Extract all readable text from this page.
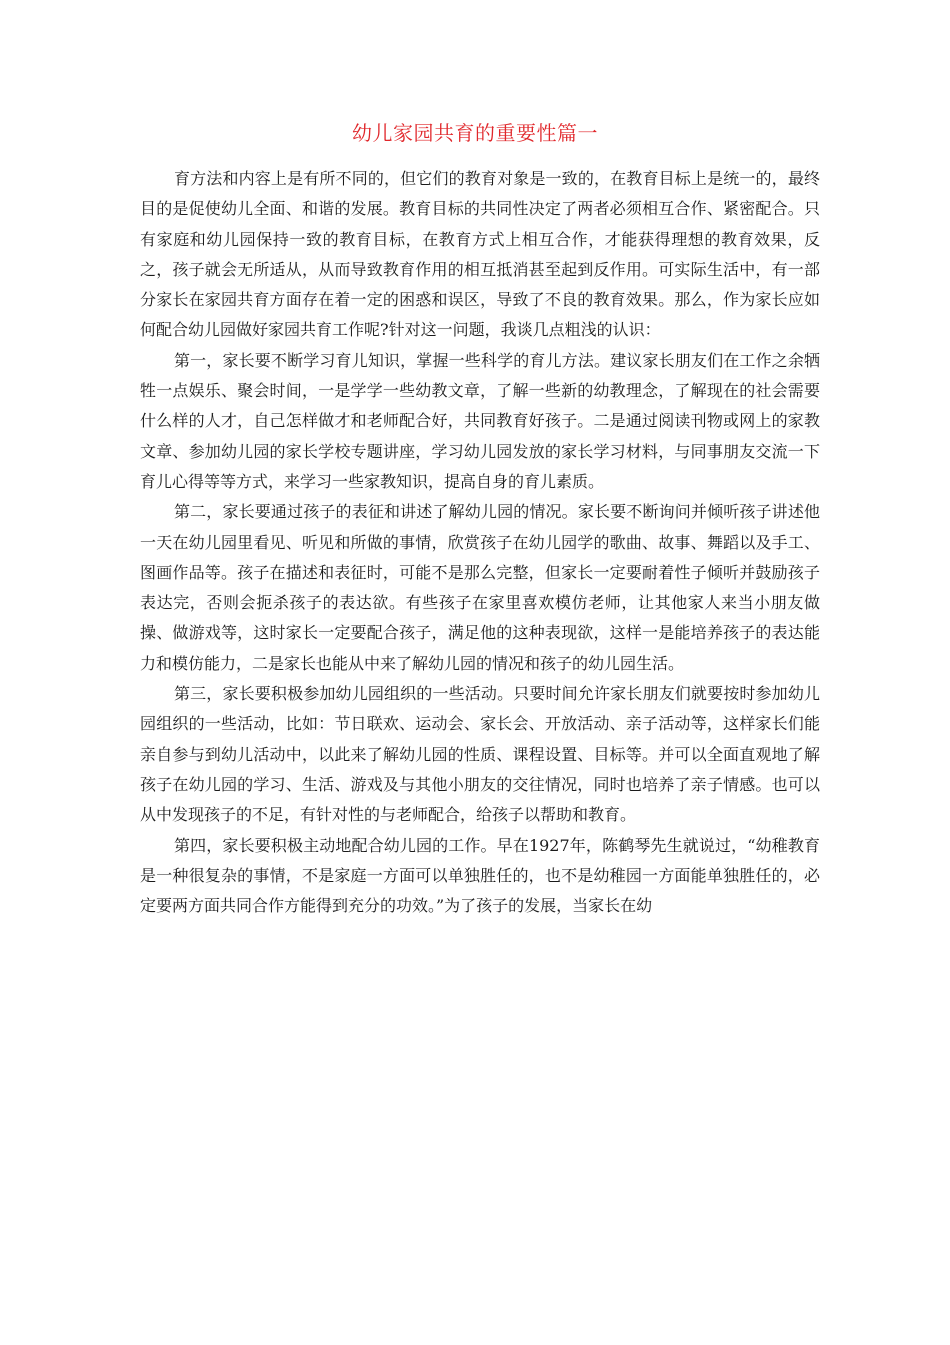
幼儿家园共育的重要性篇一

育方法和内容上是有所不同的，但它们的教育对象是一致的，在教育目标上是统一的，最终目的是促使幼儿全面、和谐的发展。教育目标的共同性决定了两者必须相互合作、紧密配合。只有家庭和幼儿园保持一致的教育目标，在教育方式上相互合作，才能获得理想的教育效果，反之，孩子就会无所适从，从而导致教育作用的相互抵消甚至起到反作用。可实际生活中，有一部分家长在家园共育方面存在着一定的困惑和误区，导致了不良的教育效果。那么，作为家长应如何配合幼儿园做好家园共育工作呢?针对这一问题，我谈几点粗浅的认识：

第一，家长要不断学习育儿知识，掌握一些科学的育儿方法。建议家长朋友们在工作之余牺牲一点娱乐、聚会时间，一是学学一些幼教文章，了解一些新的幼教理念，了解现在的社会需要什么样的人才，自己怎样做才和老师配合好，共同教育好孩子。二是通过阅读刊物或网上的家教文章、参加幼儿园的家长学校专题讲座，学习幼儿园发放的家长学习材料，与同事朋友交流一下育儿心得等等方式，来学习一些家教知识，提高自身的育儿素质。

第二，家长要通过孩子的表征和讲述了解幼儿园的情况。家长要不断询问并倾听孩子讲述他一天在幼儿园里看见、听见和所做的事情，欣赏孩子在幼儿园学的歌曲、故事、舞蹈以及手工、图画作品等。孩子在描述和表征时，可能不是那么完整，但家长一定要耐着性子倾听并鼓励孩子表达完，否则会扼杀孩子的表达欲。有些孩子在家里喜欢模仿老师，让其他家人来当小朋友做操、做游戏等，这时家长一定要配合孩子，满足他的这种表现欲，这样一是能培养孩子的表达能力和模仿能力，二是家长也能从中来了解幼儿园的情况和孩子的幼儿园生活。

第三，家长要积极参加幼儿园组织的一些活动。只要时间允许家长朋友们就要按时参加幼儿园组织的一些活动，比如：节日联欢、运动会、家长会、开放活动、亲子活动等，这样家长们能亲自参与到幼儿活动中，以此来了解幼儿园的性质、课程设置、目标等。并可以全面直观地了解孩子在幼儿园的学习、生活、游戏及与其他小朋友的交往情况，同时也培养了亲子情感。也可以从中发现孩子的不足，有针对性的与老师配合，给孩子以帮助和教育。

第四，家长要积极主动地配合幼儿园的工作。早在1927年，陈鹤琴先生就说过，“幼稚教育是一种很复杂的事情，不是家庭一方面可以单独胜任的，也不是幼稚园一方面能单独胜任的，必定要两方面共同合作方能得到充分的功效。”为了孩子的发展，当家长在幼
